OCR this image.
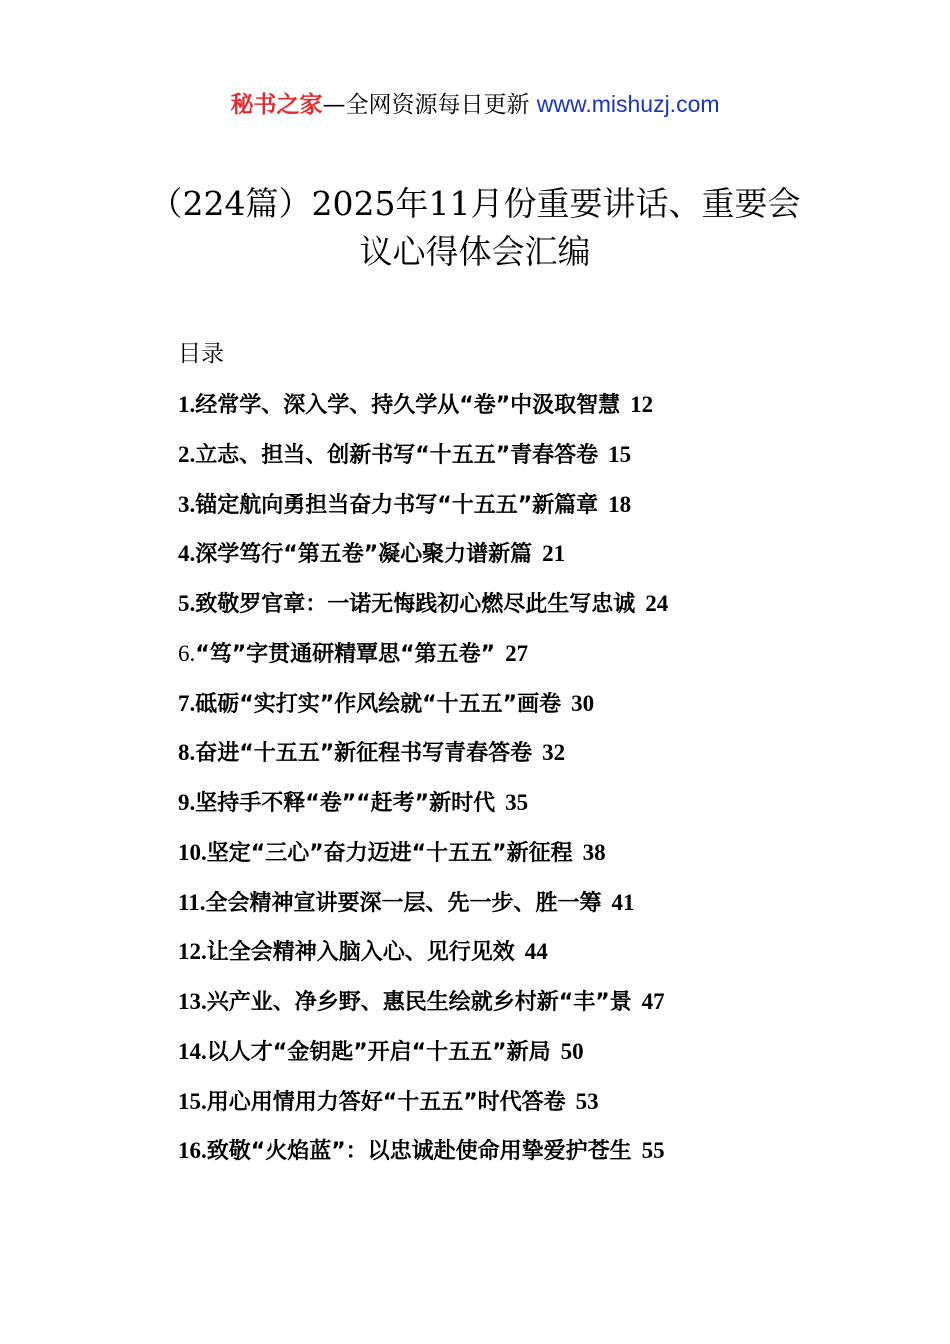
秘书之家—全网资源每日更新 www.mishuzj.com
（224篇）2025年11月份重要讲话、重要会
议心得体会汇编
目录
1.经常学、深入学、持久学从“卷”中汲取智慧 12
2.立志、担当、创新书写“十五五”青春答卷 15
3.锚定航向勇担当奋力书写“十五五”新篇章 18
4.深学笃行“第五卷”凝心聚力谱新篇 21
5.致敬罗官章：一诺无悔践初心燃尽此生写忠诚 24
6.“笃”字贯通研精覃思“第五卷” 27
7.砥砺“实打实”作风绘就“十五五”画卷 30
8.奋进“十五五”新征程书写青春答卷 32
9.坚持手不释“卷”“赶考”新时代 35
10.坚定“三心”奋力迈进“十五五”新征程 38
11.全会精神宣讲要深一层、先一步、胜一筹 41
12.让全会精神入脑入心、见行见效 44
13.兴产业、净乡野、惠民生绘就乡村新“丰”景 47
14.以人才“金钥匙”开启“十五五”新局 50
15.用心用情用力答好“十五五”时代答卷 53
16.致敬“火焰蓝”：以忠诚赴使命用挚爱护苍生 55
